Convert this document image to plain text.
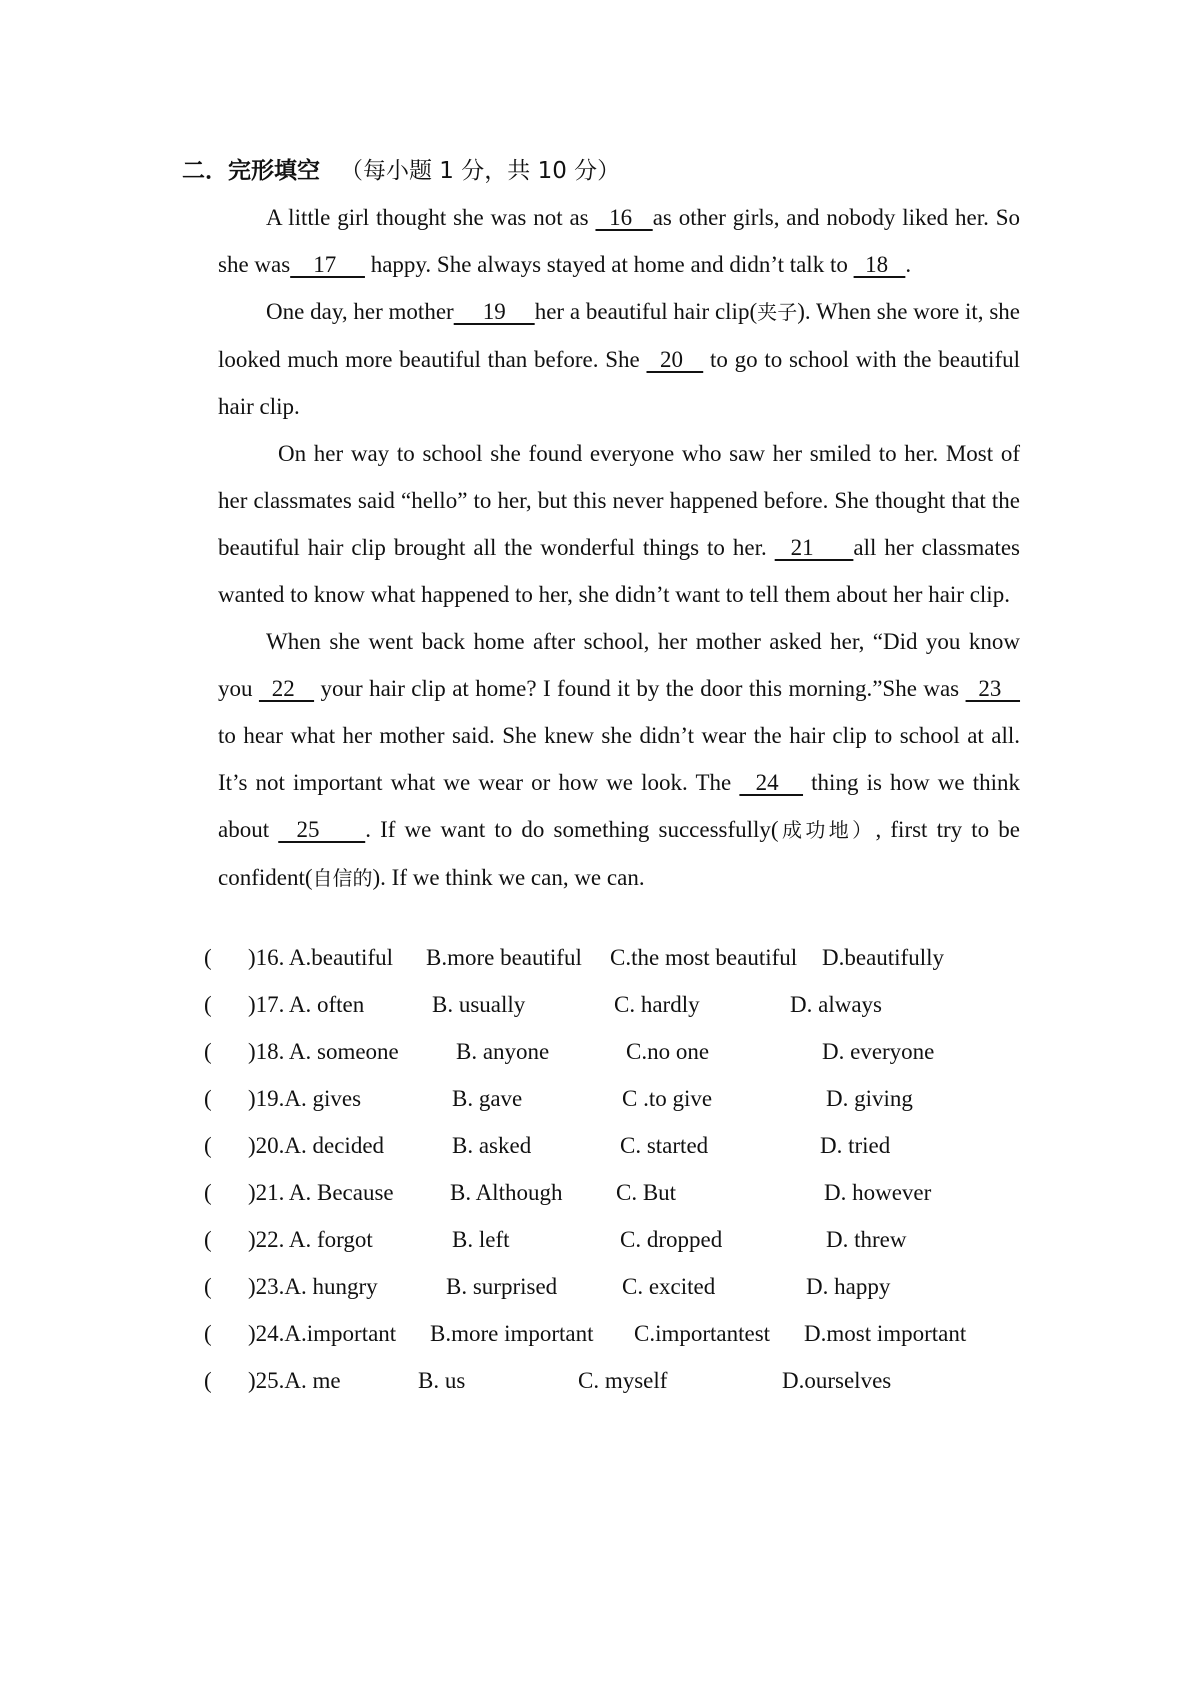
二．完形填空 （每小题 1 分，共 10 分）

A little girl thought she was not as   16   as other girls, and nobody liked her. So she was    17      happy. She always stayed at home and didn’t talk to   18   .

One day, her mother     19     her a beautiful hair clip(夹子). When she wore it, she looked much more beautiful than before. She   20    to go to school with the beautiful hair clip.

On her way to school she found everyone who saw her smiled to her. Most of her classmates said “hello” to her, but this never happened before. She thought that the beautiful hair clip brought all the wonderful things to her.   21     all her classmates wanted to know what happened to her, she didn’t want to tell them about her hair clip.

When she went back home after school, her mother asked her, “Did you know you   22    your hair clip at home? I found it by the door this morning.”She was   23    to hear what her mother said. She knew she didn’t wear the hair clip to school at all. It’s not important what we wear or how we look. The   24    thing is how we think about   25     . If we want to do something successfully(成功地）, first try to be confident(自信的). If we think we can, we can.

( )16. A.beautiful B.more beautiful C.the most beautiful D.beautifully
( )17. A. often	B. usually	C. hardly	D. always
( )18. A. someone B. anyone	C.no one	D. everyone
( )19.A. gives	B. gave	C .to give	D. giving
( )20.A. decided	B. asked	C. started	D. tried
( )21. A. Because B. Although C. But	D. however
( )22. A. forgot	B. left	C. dropped	D. threw
( )23.A. hungry	B. surprised	C. excited	D. happy
( )24.A.important B.more important C.importantest D.most important
( )25.A. me	B. us	C. myself	D.ourselves
